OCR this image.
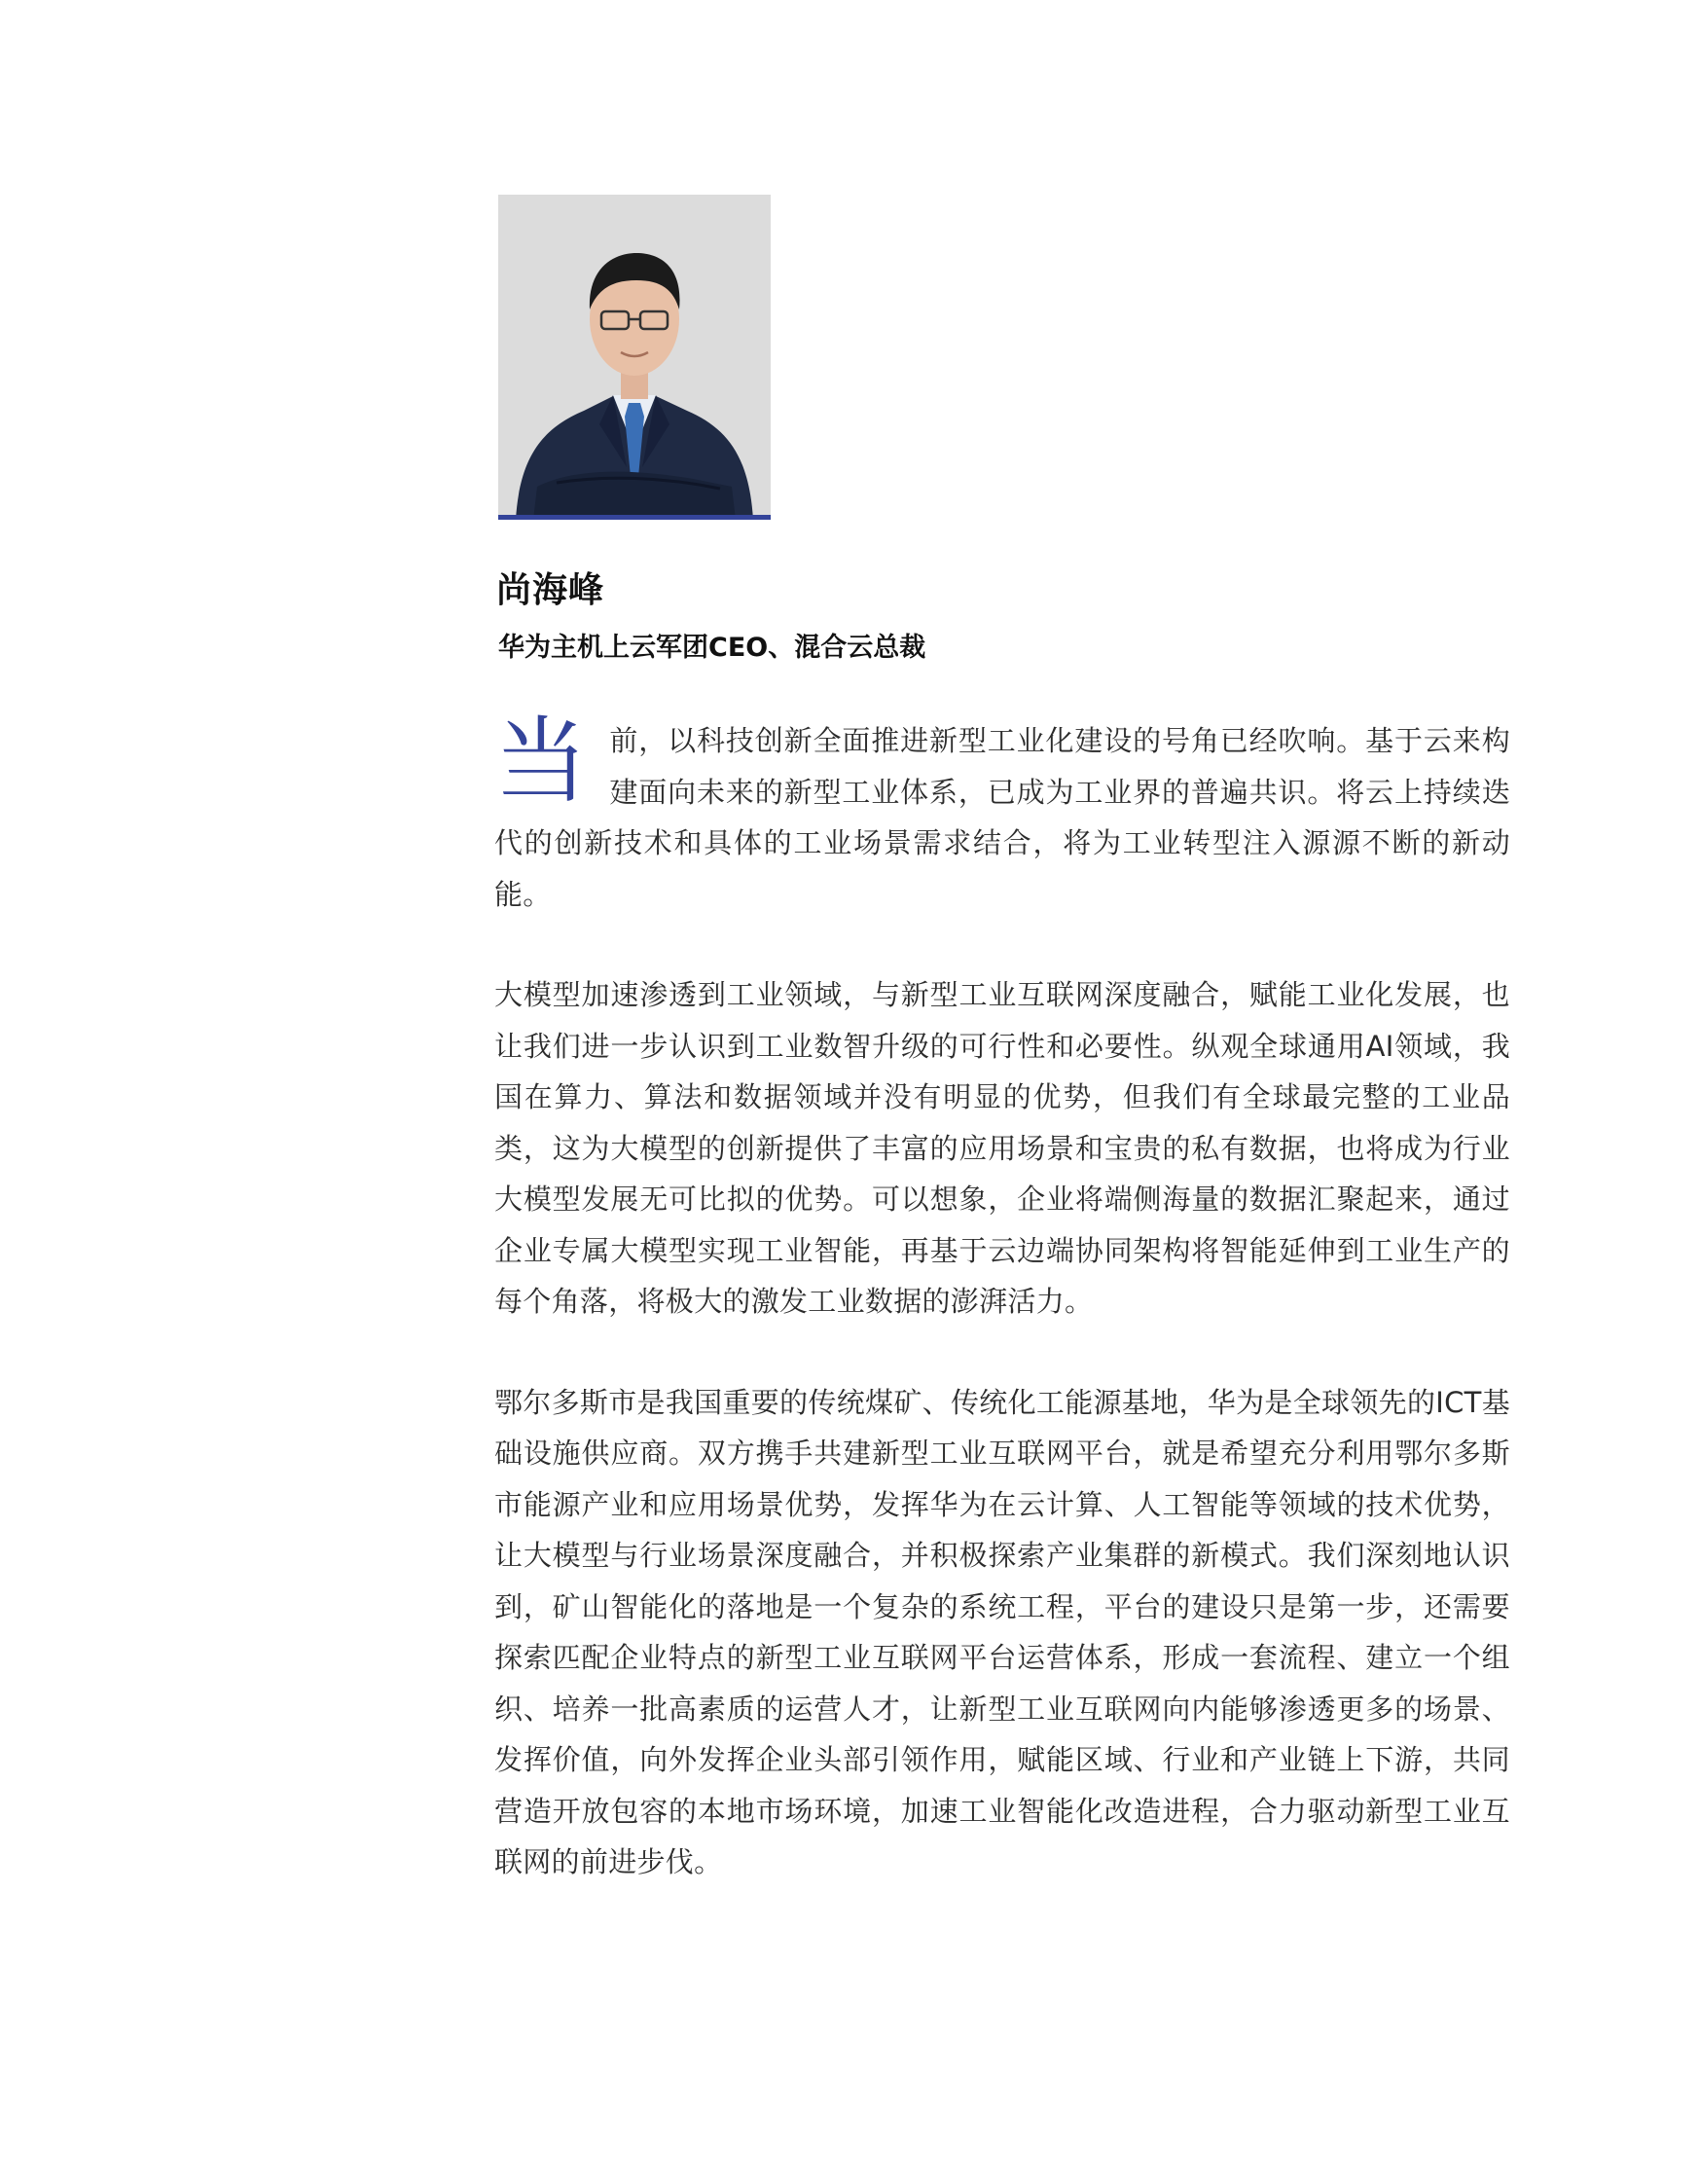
尚海峰
华为主机上云军团CEO、混合云总裁

当前，以科技创新全面推进新型工业化建设的号角已经吹响。基于云来构建面向未来的新型工业体系，已成为工业界的普遍共识。将云上持续迭代的创新技术和具体的工业场景需求结合，将为工业转型注入源源不断的新动能。

大模型加速渗透到工业领域，与新型工业互联网深度融合，赋能工业化发展，也让我们进一步认识到工业数智升级的可行性和必要性。纵观全球通用AI领域，我国在算力、算法和数据领域并没有明显的优势，但我们有全球最完整的工业品类，这为大模型的创新提供了丰富的应用场景和宝贵的私有数据，也将成为行业大模型发展无可比拟的优势。可以想象，企业将端侧海量的数据汇聚起来，通过企业专属大模型实现工业智能，再基于云边端协同架构将智能延伸到工业生产的每个角落，将极大的激发工业数据的澎湃活力。

鄂尔多斯市是我国重要的传统煤矿、传统化工能源基地，华为是全球领先的ICT基础设施供应商。双方携手共建新型工业互联网平台，就是希望充分利用鄂尔多斯市能源产业和应用场景优势，发挥华为在云计算、人工智能等领域的技术优势，让大模型与行业场景深度融合，并积极探索产业集群的新模式。我们深刻地认识到，矿山智能化的落地是一个复杂的系统工程，平台的建设只是第一步，还需要探索匹配企业特点的新型工业互联网平台运营体系，形成一套流程、建立一个组织、培养一批高素质的运营人才，让新型工业互联网向内能够渗透更多的场景、发挥价值，向外发挥企业头部引领作用，赋能区域、行业和产业链上下游，共同营造开放包容的本地市场环境，加速工业智能化改造进程，合力驱动新型工业互联网的前进步伐。
